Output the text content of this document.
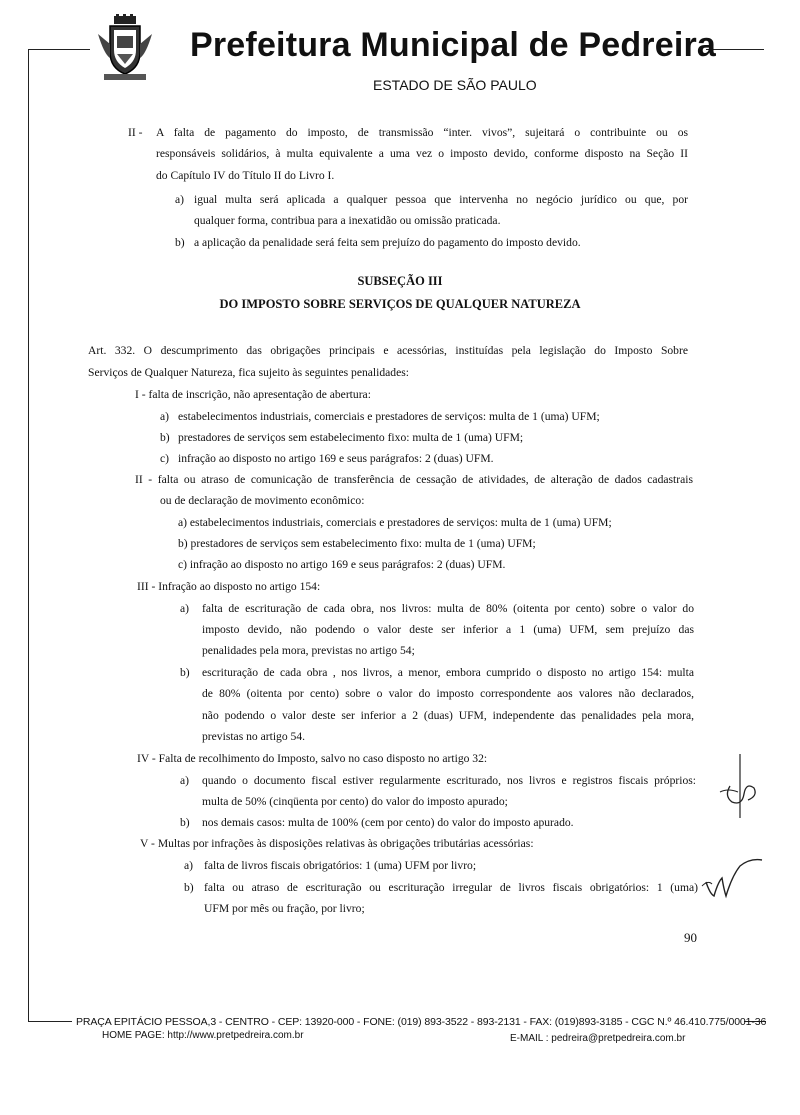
Prefeitura Municipal de Pedreira
ESTADO DE SÃO PAULO
II - A falta de pagamento do imposto, de transmissão “inter. vivos”, sujeitará o contribuinte ou os
responsáveis solidários, à multa equivalente a uma vez o imposto devido, conforme disposto na Seção II
do Capítulo IV do Título II do Livro I.
a) igual multa será aplicada a qualquer pessoa que intervenha no negócio jurídico ou que, por
qualquer forma, contribua para a inexatidão ou omissão praticada.
b) a aplicação da penalidade será feita sem prejuízo do pagamento do imposto devido.
SUBSEÇÃO III
DO IMPOSTO SOBRE SERVIÇOS DE QUALQUER NATUREZA
Art. 332. O descumprimento das obrigações principais e acessórias, instituídas pela legislação do Imposto Sobre
Serviços de Qualquer Natureza, fica sujeito às seguintes penalidades:
I - falta de inscrição, não apresentação de abertura:
a) estabelecimentos industriais, comerciais e prestadores de serviços: multa de 1 (uma) UFM;
b) prestadores de serviços sem estabelecimento fixo: multa de 1 (uma) UFM;
c) infração ao disposto no artigo 169 e seus parágrafos: 2 (duas) UFM.
II - falta ou atraso de comunicação de transferência de cessação de atividades, de alteração de dados cadastrais
ou de declaração de movimento econômico:
a) estabelecimentos industriais, comerciais e prestadores de serviços: multa de 1 (uma) UFM;
b) prestadores de serviços sem estabelecimento fixo: multa de 1 (uma) UFM;
c) infração ao disposto no artigo 169 e seus parágrafos: 2 (duas) UFM.
III - Infração ao disposto no artigo 154:
a) falta de escrituração de cada obra, nos livros: multa de 80% (oitenta por cento) sobre o valor do
imposto devido, não podendo o valor deste ser inferior a 1 (uma) UFM, sem prejuízo das
penalidades pela mora, previstas no artigo 54;
b) escrituração de cada obra , nos livros, a menor, embora cumprido o disposto no artigo 154: multa
de 80% (oitenta por cento) sobre o valor do imposto correspondente aos valores não declarados,
não podendo o valor deste ser inferior a 2 (duas) UFM, independente das penalidades pela mora,
previstas no artigo 54.
IV - Falta de recolhimento do Imposto, salvo no caso disposto no artigo 32:
a) quando o documento fiscal estiver regularmente escriturado, nos livros e registros fiscais próprios:
multa de 50% (cinqüenta por cento) do valor do imposto apurado;
b) nos demais casos: multa de 100% (cem por cento) do valor do imposto apurado.
V - Multas por infrações às disposições relativas às obrigações tributárias acessórias:
a) falta de livros fiscais obrigatórios: 1 (uma) UFM por livro;
b) falta ou atraso de escrituração ou escrituração irregular de livros fiscais obrigatórios: 1 (uma)
UFM por mês ou fração, por livro;
90
PRAÇA EPITÁCIO PESSOA,3 - CENTRO - CEP: 13920-000 - FONE: (019) 893-3522 - 893-2131 - FAX: (019)893-3185 - CGC N.º 46.410.775/0001-36
HOME PAGE: http://www.pretpedreira.com.br	E-MAIL : pedreira@pretpedreira.com.br
